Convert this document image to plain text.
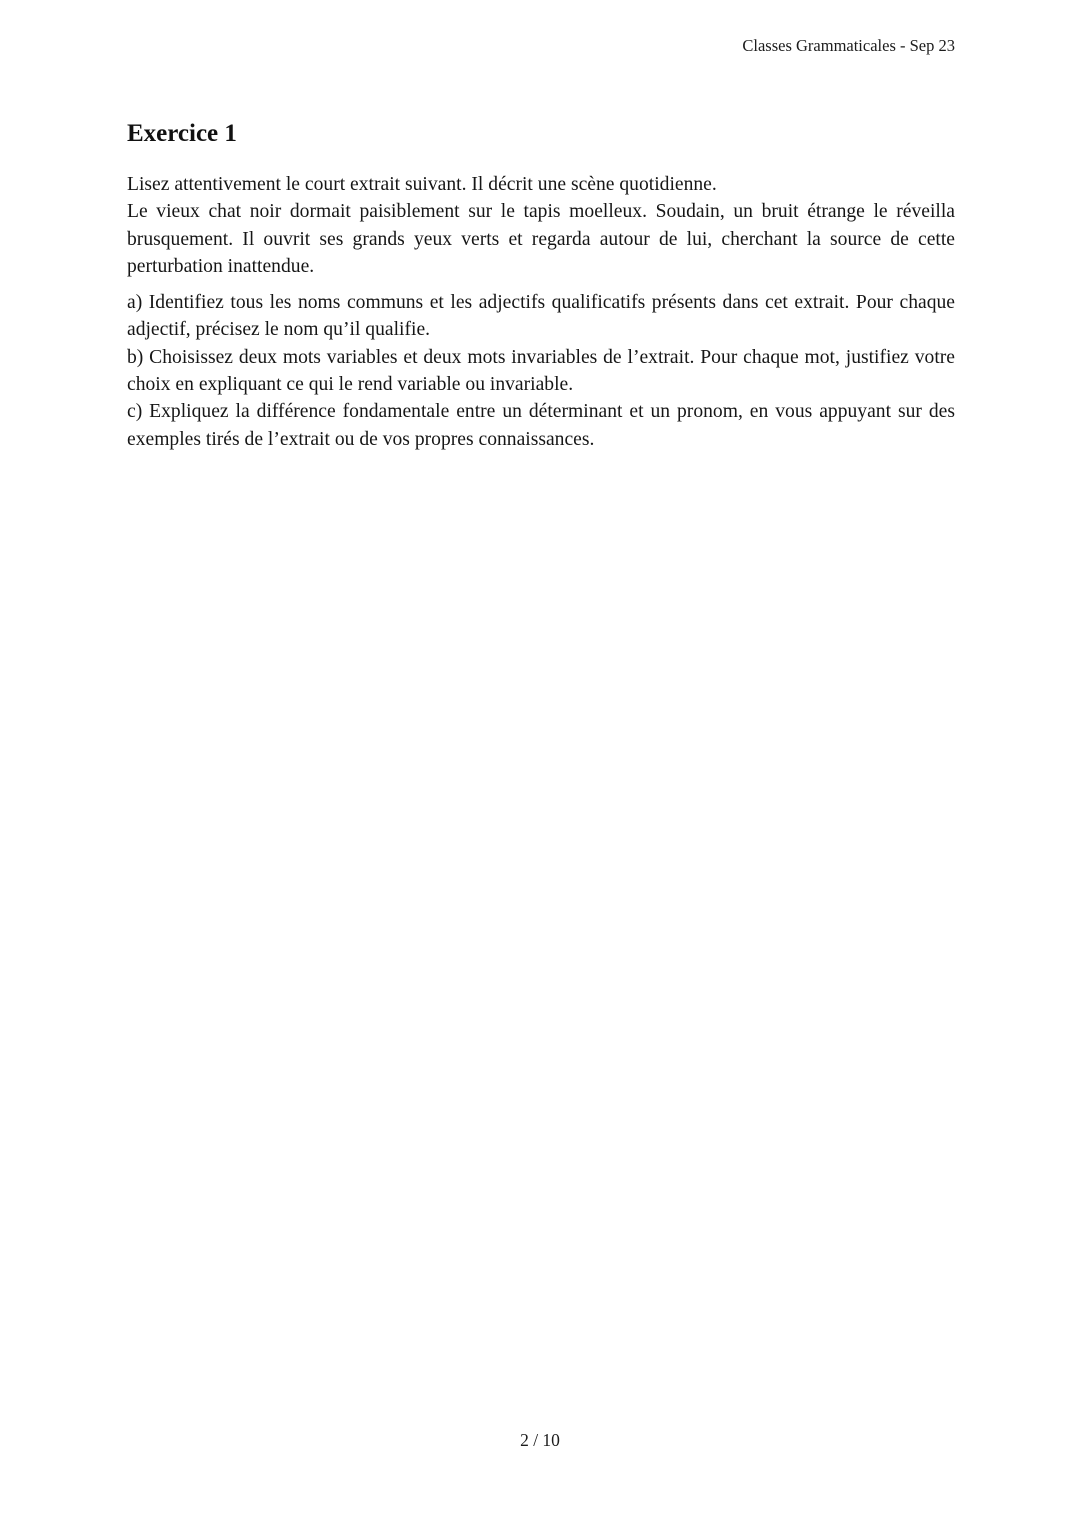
Classes Grammaticales - Sep 23
Exercice 1
Lisez attentivement le court extrait suivant. Il décrit une scène quotidienne.
Le vieux chat noir dormait paisiblement sur le tapis moelleux. Soudain, un bruit étrange le réveilla brusquement. Il ouvrit ses grands yeux verts et regarda autour de lui, cherchant la source de cette perturbation inattendue.
a) Identifiez tous les noms communs et les adjectifs qualificatifs présents dans cet extrait. Pour chaque adjectif, précisez le nom qu’il qualifie.
b) Choisissez deux mots variables et deux mots invariables de l’extrait. Pour chaque mot, justifiez votre choix en expliquant ce qui le rend variable ou invariable.
c) Expliquez la différence fondamentale entre un déterminant et un pronom, en vous appuyant sur des exemples tirés de l’extrait ou de vos propres connaissances.
2 / 10
